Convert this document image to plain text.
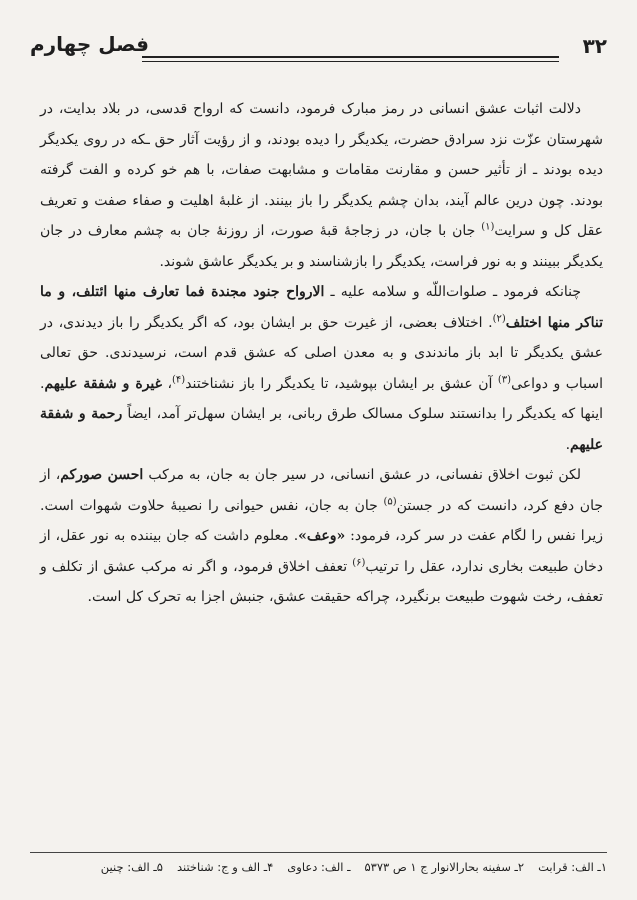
۳۲
فصل چهارم

دلالت اثبات عشق انسانی در رمز مبارک فرمود، دانست که ارواح قدسی، در بلاد بدایت، در شهرستان عزّت نزد سرادق حضرت، یکدیگر را دیده بودند، و از رؤیت آثار حق ـکه در روی یکدیگر دیده بودند ـ از تأثیر حسن و مقارنت مقامات و مشابهت صفات، با هم خو کرده و الفت گرفته بودند. چون درین عالم آیند، بدان چشم یکدیگر را باز بینند. از غلبهٔ اهلیت و صفاء صفت و تعریف عقل کل و سرایت$^{(۱)}$ جان با جان، در زجاجهٔ قبهٔ صورت، از روزنهٔ جان به چشم معارف در جان یکدیگر ببینند و به نور فراست، یکدیگر را بازشناسند و بر یکدیگر عاشق شوند.

چنانکه فرمود ـ صلوات‌اللّه و سلامه علیه ـ الارواح جنود مجندة فما تعارف منها ائتلف، و ما تناکر منها اختلف$^{(۲)}$. اختلاف بعضی، از غیرت حق بر ایشان بود، که اگر یکدیگر را باز دیدندی، در عشق یکدیگر تا ابد باز ماندندی و به معدن اصلی که عشق قدم است، نرسیدندی. حق تعالی اسباب و دواعی$^{(۳)}$ آن عشق بر ایشان بپوشید، تا یکدیگر را باز نشناختند$^{(۴)}$، غیرة و شفقة علیهم. اینها که یکدیگر را بدانستند سلوک مسالک طرق ربانی، بر ایشان سهل‌تر آمد، ایضاً رحمة و شفقة علیهم.

لکن ثبوت اخلاق نفسانی، در عشق انسانی، در سیر جان به جان، به مرکب احسن صورکم، از جان دفع کرد، دانست که در جستن$^{(۵)}$ جان به جان، نفس حیوانی را نصیبهٔ حلاوت شهوات است. زیرا نفس را لگام عفت در سر کرد، فرمود: «وعف». معلوم داشت که جان بیننده به نور عقل، از دخان طبیعت بخاری ندارد، عقل را ترتیب$^{(۶)}$ تعفف اخلاق فرمود، و اگر نه مرکب عشق از تکلف و تعفف، رخت شهوت طبیعت برنگیرد، چراکه حقیقت عشق، جنبش اجزا به تحرک کل است.

۱ـ الف: قرابت۲ـ سفینه بحارالانوار ج ۱ ص ۵۳۷۳ـ الف: دعاوی۴ـ الف و ج: شناختند۵ـ الف: چنین
